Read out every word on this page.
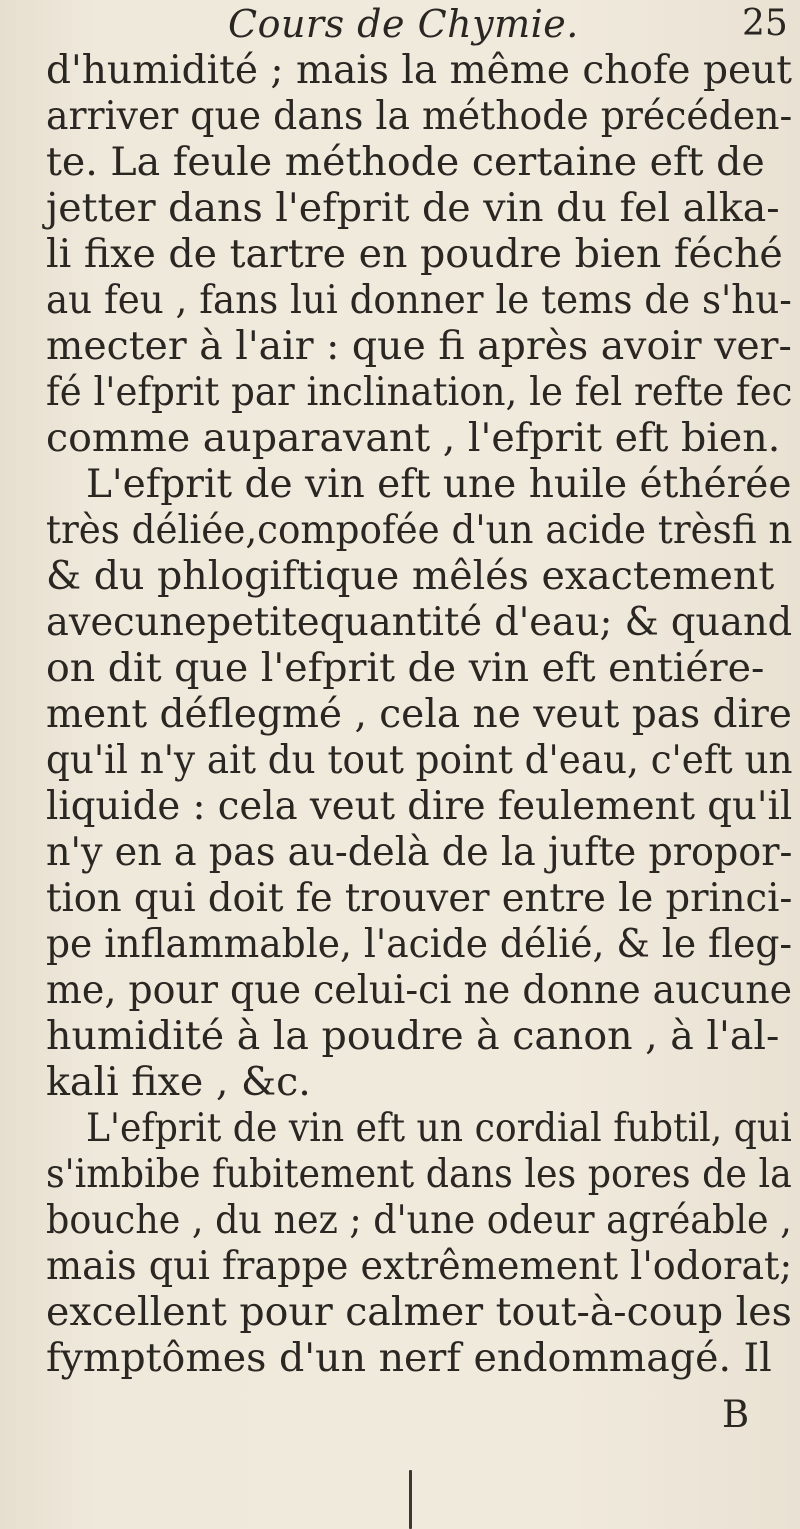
Cours de Chymie.	25
d'humidité ; mais la même chofe peut
arriver que dans la méthode précéden-
te. La feule méthode certaine eft de
jetter dans l'efprit de vin du fel alka-
li fixe de tartre en poudre bien féché
au feu , fans lui donner le tems de s'hu-
mecter à l'air : que fi après avoir ver-
fé l'efprit par inclination, le fel refte fec
comme auparavant , l'efprit eft bien.
L'efprit de vin eft une huile éthérée
très déliée,compofée d'un acide trèsfi n
& du phlogiftique mêlés exactement
avecunepetitequantité d'eau; & quand
on dit que l'efprit de vin eft entiére-
ment déflegmé , cela ne veut pas dire
qu'il n'y ait du tout point d'eau, c'eft un
liquide : cela veut dire feulement qu'il
n'y en a pas au-delà de la jufte propor-
tion qui doit fe trouver entre le princi-
pe inflammable, l'acide délié, & le fleg-
me, pour que celui-ci ne donne aucune
humidité à la poudre à canon , à l'al-
kali fixe , &c.
L'efprit de vin eft un cordial fubtil, qui
s'imbibe fubitement dans les pores de la
bouche , du nez ; d'une odeur agréable ,
mais qui frappe extrêmement l'odorat;
excellent pour calmer tout-à-coup les
fymptômes d'un nerf endommagé. Il
B
